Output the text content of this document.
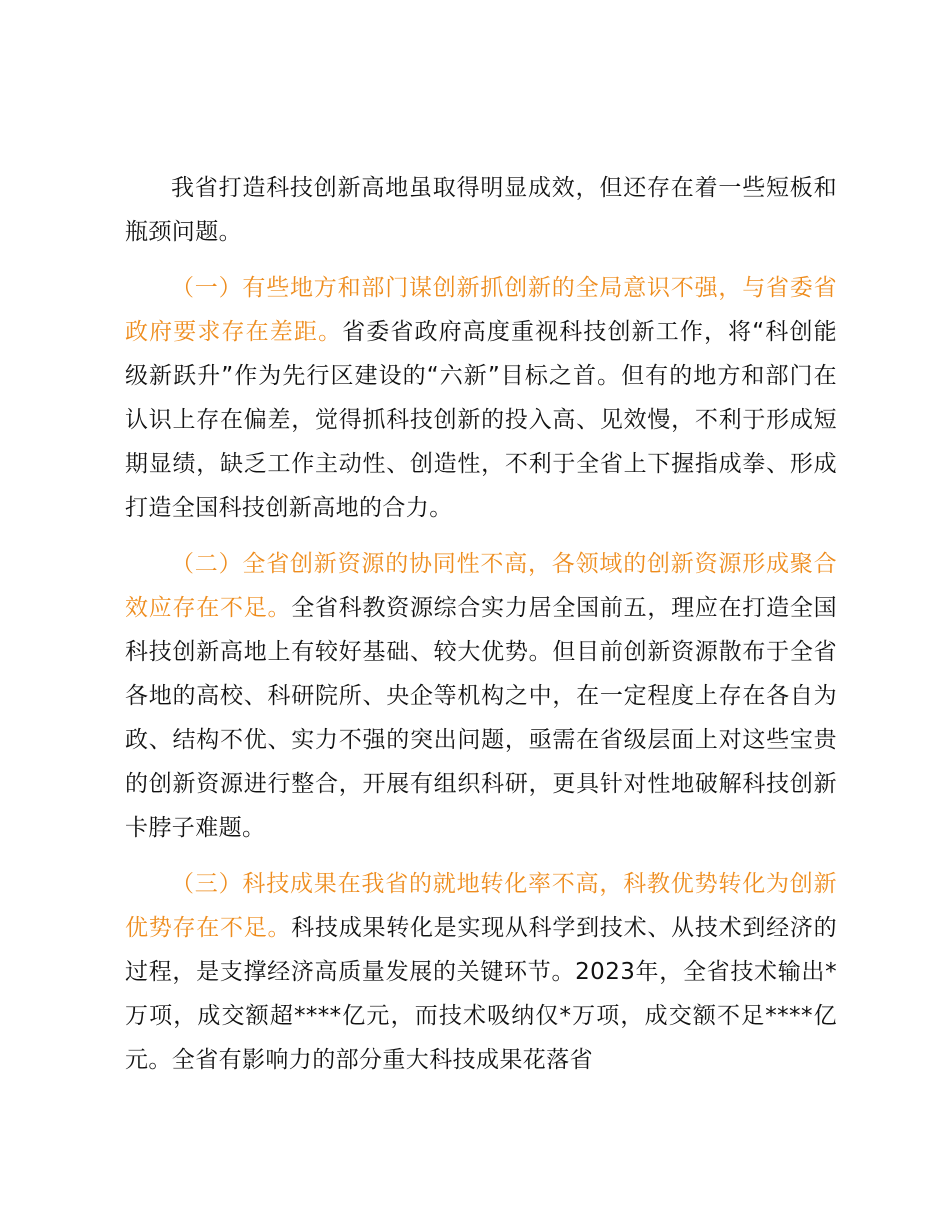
我省打造科技创新高地虽取得明显成效，但还存在着一些短板和瓶颈问题。

（一）有些地方和部门谋创新抓创新的全局意识不强，与省委省政府要求存在差距。省委省政府高度重视科技创新工作，将“科创能级新跃升”作为先行区建设的“六新”目标之首。但有的地方和部门在认识上存在偏差，觉得抓科技创新的投入高、见效慢，不利于形成短期显绩，缺乏工作主动性、创造性，不利于全省上下握指成拳、形成打造全国科技创新高地的合力。

（二）全省创新资源的协同性不高，各领域的创新资源形成聚合效应存在不足。全省科教资源综合实力居全国前五，理应在打造全国科技创新高地上有较好基础、较大优势。但目前创新资源散布于全省各地的高校、科研院所、央企等机构之中，在一定程度上存在各自为政、结构不优、实力不强的突出问题，亟需在省级层面上对这些宝贵的创新资源进行整合，开展有组织科研，更具针对性地破解科技创新卡脖子难题。

（三）科技成果在我省的就地转化率不高，科教优势转化为创新优势存在不足。科技成果转化是实现从科学到技术、从技术到经济的过程，是支撑经济高质量发展的关键环节。2023年，全省技术输出*万项，成交额超****亿元，而技术吸纳仅*万项，成交额不足****亿元。全省有影响力的部分重大科技成果花落省
